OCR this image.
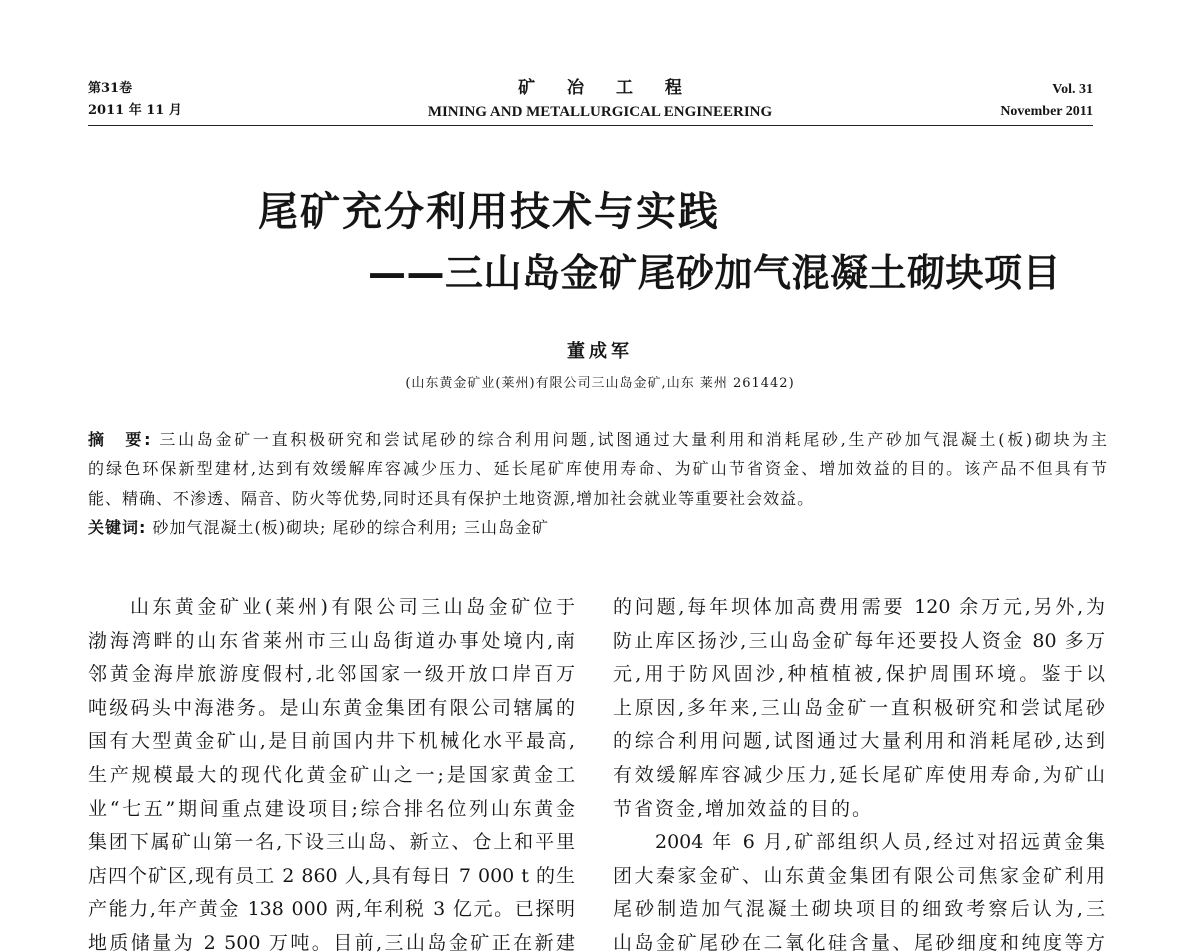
第31卷
2011 年 11 月
矿 冶 工 程
MINING AND METALLURGICAL ENGINEERING
Vol. 31
November 2011
尾矿充分利用技术与实践
——三山岛金矿尾砂加气混凝土砌块项目
董成军
(山东黄金矿业(莱州)有限公司三山岛金矿,山东 莱州 261442)
摘　要: 三山岛金矿一直积极研究和尝试尾砂的综合利用问题,试图通过大量利用和消耗尾砂,生产砂加气混凝土(板)砌块为主
的绿色环保新型建材,达到有效缓解库容减少压力、延长尾矿库使用寿命、为矿山节省资金、增加效益的目的。该产品不但具有节
能、精确、不渗透、隔音、防火等优势,同时还具有保护土地资源,增加社会就业等重要社会效益。
关键词: 砂加气混凝土(板)砌块; 尾砂的综合利用; 三山岛金矿
山东黄金矿业(莱州)有限公司三山岛金矿位于
渤海湾畔的山东省莱州市三山岛街道办事处境内,南
邻黄金海岸旅游度假村,北邻国家一级开放口岸百万
吨级码头中海港务。是山东黄金集团有限公司辖属的
国有大型黄金矿山,是目前国内井下机械化水平最高,
生产规模最大的现代化黄金矿山之一;是国家黄金工
业“七五”期间重点建设项目;综合排名位列山东黄金
集团下属矿山第一名,下设三山岛、新立、仓上和平里
店四个矿区,现有员工 2 860 人,具有每日 7 000 t 的生
产能力,年产黄金 138 000 两,年利税 3 亿元。已探明
地质储量为 2 500 万吨。目前,三山岛金矿正在新建
的问题,每年坝体加高费用需要 120 余万元,另外,为
防止库区扬沙,三山岛金矿每年还要投人资金 80 多万
元,用于防风固沙,种植植被,保护周围环境。鉴于以
上原因,多年来,三山岛金矿一直积极研究和尝试尾砂
的综合利用问题,试图通过大量利用和消耗尾砂,达到
有效缓解库容减少压力,延长尾矿库使用寿命,为矿山
节省资金,增加效益的目的。
2004 年 6 月,矿部组织人员,经过对招远黄金集
团大秦家金矿、山东黄金集团有限公司焦家金矿利用
尾砂制造加气混凝土砌块项目的细致考察后认为,三
山岛金矿尾砂在二氧化硅含量、尾砂细度和纯度等方
